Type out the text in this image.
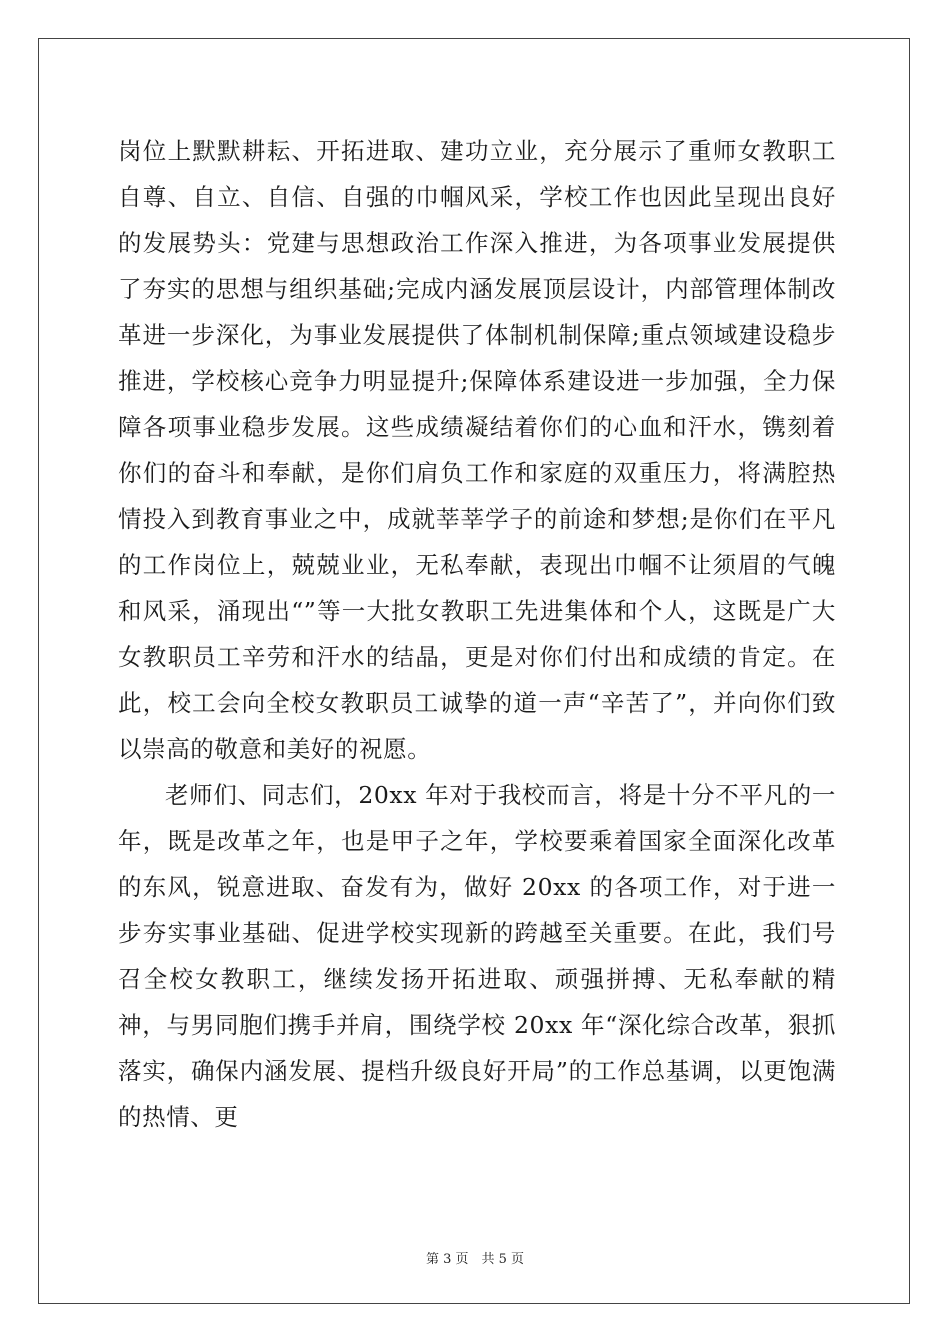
岗位上默默耕耘、开拓进取、建功立业，充分展示了重师女教职工自尊、自立、自信、自强的巾帼风采，学校工作也因此呈现出良好的发展势头：党建与思想政治工作深入推进，为各项事业发展提供了夯实的思想与组织基础;完成内涵发展顶层设计，内部管理体制改革进一步深化，为事业发展提供了体制机制保障;重点领域建设稳步推进，学校核心竞争力明显提升;保障体系建设进一步加强，全力保障各项事业稳步发展。这些成绩凝结着你们的心血和汗水，镌刻着你们的奋斗和奉献，是你们肩负工作和家庭的双重压力，将满腔热情投入到教育事业之中，成就莘莘学子的前途和梦想;是你们在平凡的工作岗位上，兢兢业业，无私奉献，表现出巾帼不让须眉的气魄和风采，涌现出“”等一大批女教职工先进集体和个人，这既是广大女教职员工辛劳和汗水的结晶，更是对你们付出和成绩的肯定。在此，校工会向全校女教职员工诚挚的道一声“辛苦了”，并向你们致以崇高的敬意和美好的祝愿。

老师们、同志们，20xx 年对于我校而言，将是十分不平凡的一年，既是改革之年，也是甲子之年，学校要乘着国家全面深化改革的东风，锐意进取、奋发有为，做好 20xx 的各项工作，对于进一步夯实事业基础、促进学校实现新的跨越至关重要。在此，我们号召全校女教职工，继续发扬开拓进取、顽强拼搏、无私奉献的精神，与男同胞们携手并肩，围绕学校 20xx 年“深化综合改革，狠抓落实，确保内涵发展、提档升级良好开局”的工作总基调，以更饱满的热情、更

第 3 页　共 5 页
